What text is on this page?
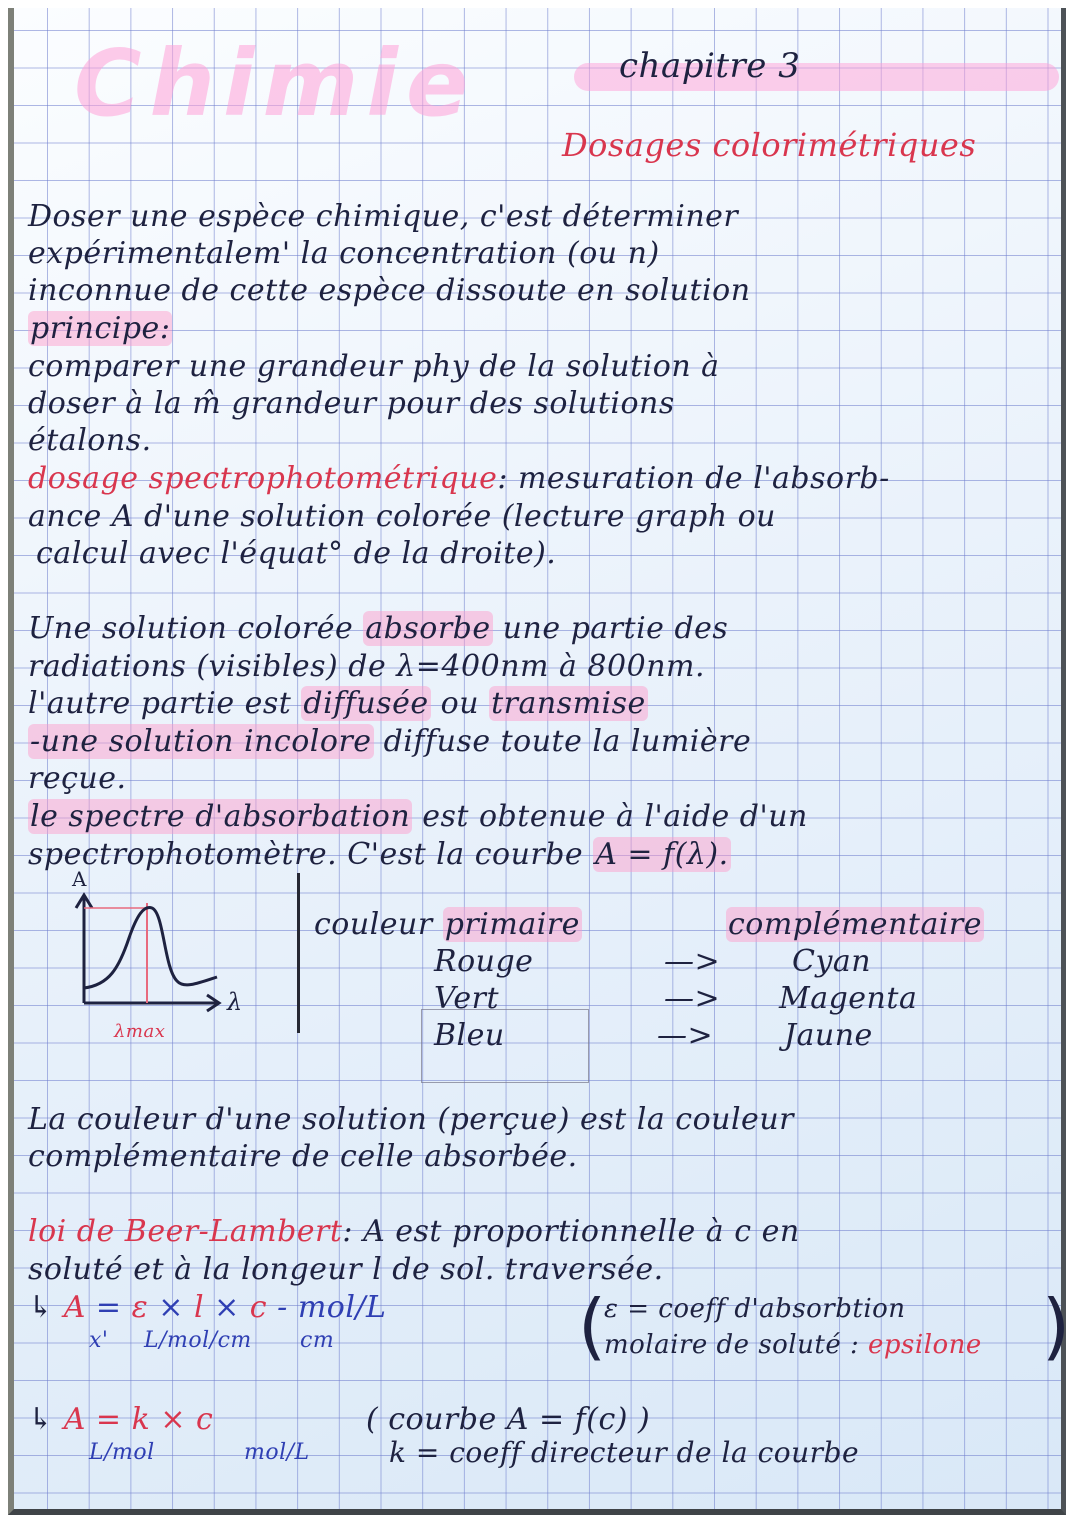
Chimie	chapitre 3
Dosages colorimétriques
Doser une espèce chimique, c'est déterminer
expérimentalem' la concentration (ou n)
inconnue de cette espèce dissoute en solution
principe:
comparer une grandeur phy de la solution à
doser à la m̂ grandeur pour des solutions
étalons.
dosage spectrophotométrique: mesuration de l'absorb-
ance A d'une solution colorée (lecture graph ou
calcul avec l'équat° de la droite).
Une solution colorée absorbe une partie des
radiations (visibles) de λ=400nm à 800nm.
l'autre partie est diffusée ou transmise
-une solution incolore diffuse toute la lumière
reçue.
le spectre d'absorbation est obtenue à l'aide d'un
spectrophotomètre. C'est la courbe A = f(λ).
A
λ
λmax
couleur primaire	complémentaire
Rouge	—> Cyan
Vert	—> Magenta
Bleu	—> Jaune
La couleur d'une solution (perçue) est la couleur
complémentaire de celle absorbée.
loi de Beer-Lambert: A est proportionnelle à c en
soluté et à la longeur l de sol. traversée.
↳ A = ε × l × c - mol/L
x' L/mol/cm cm	(
ε = coeff d'absorbtion
molaire de soluté : epsilone )
↳ A = k × c	( courbe A = f(c) )
L/mol	mol/L	k = coeff directeur de la courbe
